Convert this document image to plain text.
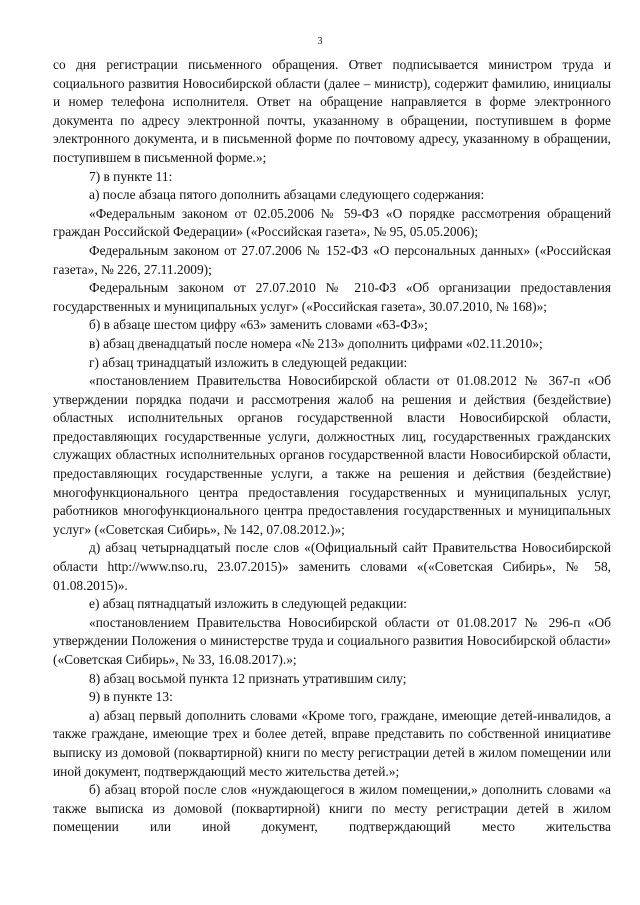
3

со дня регистрации письменного обращения. Ответ подписывается министром труда и социального развития Новосибирской области (далее – министр), содержит фамилию, инициалы и номер телефона исполнителя. Ответ на обращение направляется в форме электронного документа по адресу электронной почты, указанному в обращении, поступившем в форме электронного документа, и в письменной форме по почтовому адресу, указанному в обращении, поступившем в письменной форме.»;

7) в пункте 11:

а) после абзаца пятого дополнить абзацами следующего содержания:

«Федеральным законом от 02.05.2006 № 59-ФЗ «О порядке рассмотрения обращений граждан Российской Федерации» («Российская газета», № 95, 05.05.2006);

Федеральным законом от 27.07.2006 № 152-ФЗ «О персональных данных» («Российская газета», № 226, 27.11.2009);

Федеральным законом от 27.07.2010 № 210-ФЗ «Об организации предоставления государственных и муниципальных услуг» («Российская газета», 30.07.2010, № 168)»;

б) в абзаце шестом цифру «63» заменить словами «63-ФЗ»;

в) абзац двенадцатый после номера «№ 213» дополнить цифрами «02.11.2010»;

г) абзац тринадцатый изложить в следующей редакции:

«постановлением Правительства Новосибирской области от 01.08.2012 № 367-п «Об утверждении порядка подачи и рассмотрения жалоб на решения и действия (бездействие) областных исполнительных органов государственной власти Новосибирской области, предоставляющих государственные услуги, должностных лиц, государственных гражданских служащих областных исполнительных органов государственной власти Новосибирской области, предоставляющих государственные услуги, а также на решения и действия (бездействие) многофункционального центра предоставления государственных и муниципальных услуг, работников многофункционального центра предоставления государственных и муниципальных услуг» («Советская Сибирь», № 142, 07.08.2012.)»;

д) абзац четырнадцатый после слов «(Официальный сайт Правительства Новосибирской области http://www.nso.ru, 23.07.2015)» заменить словами «(«Советская Сибирь», № 58, 01.08.2015)».

е) абзац пятнадцатый изложить в следующей редакции:

«постановлением Правительства Новосибирской области от 01.08.2017 № 296-п «Об утверждении Положения о министерстве труда и социального развития Новосибирской области» («Советская Сибирь», № 33, 16.08.2017).»;

8) абзац восьмой пункта 12 признать утратившим силу;

9) в пункте 13:

а) абзац первый дополнить словами «Кроме того, граждане, имеющие детей-инвалидов, а также граждане, имеющие трех и более детей, вправе представить по собственной инициативе выписку из домовой (поквартирной) книги по месту регистрации детей в жилом помещении или иной документ, подтверждающий место жительства детей.»;

б) абзац второй после слов «нуждающегося в жилом помещении,» дополнить словами «а также выписка из домовой (поквартирной) книги по месту регистрации детей в жилом помещении или иной документ, подтверждающий место жительства
